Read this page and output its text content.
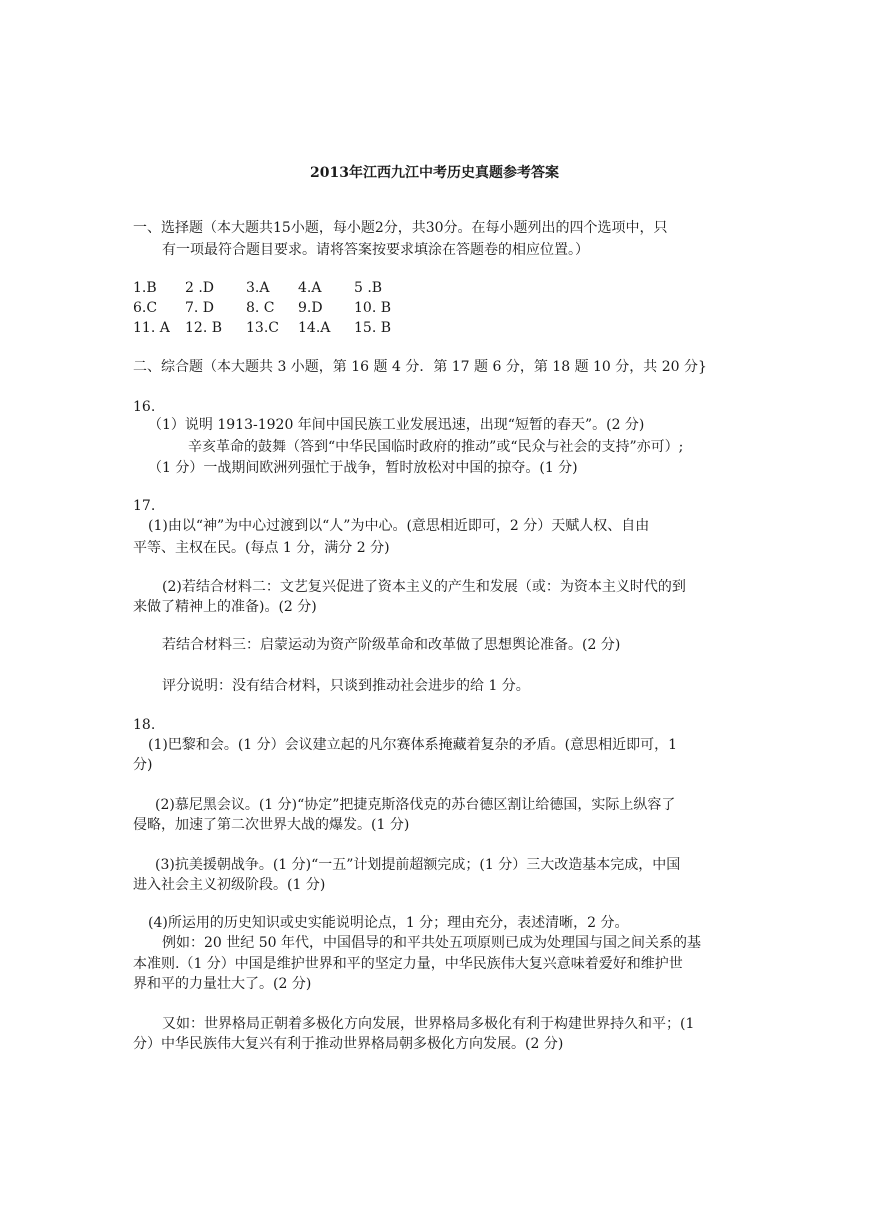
2013年江西九江中考历史真题参考答案
一、选择题（本大题共15小题，每小题2分，共30分。在每小题列出的四个选项中，只
有一项最符合题目要求。请将答案按要求填涂在答题卷的相应位置。）
1.B 2 .D 3.A 4.A 5 .B
6.C 7. D 8. C 9.D 10. B
11. A 12. B 13.C 14.A 15. B
二、综合题（本大题共 3 小题，第 16 题 4 分．第 17 题 6 分，第 18 题 10 分，共 20 分}
16.
（1）说明 1913-1920 年间中国民族工业发展迅速，出现“短暂的春天”。(2 分)
辛亥革命的鼓舞（答到“中华民国临时政府的推动”或“民众与社会的支持”亦可）;
（1 分）一战期间欧洲列强忙于战争，暂时放松对中国的掠夺。(1 分)
17.
(1)由以“神”为中心过渡到以“人”为中心。(意思相近即可，2 分）天赋人权、自由
平等、主权在民。(每点 1 分，满分 2 分)
(2)若结合材料二：文艺复兴促进了资本主义的产生和发展（或：为资本主义时代的到
来做了精神上的准备)。(2 分)
若结合材料三：启蒙运动为资产阶级革命和改革做了思想舆论准备。(2 分)
评分说明：没有结合材料，只谈到推动社会进步的给 1 分。
18.
(1)巴黎和会。(1 分）会议建立起的凡尔赛体系掩藏着复杂的矛盾。(意思相近即可，1
分)
(2)慕尼黑会议。(1 分)“协定”把捷克斯洛伐克的苏台德区割让给德国，实际上纵容了
侵略，加速了第二次世界大战的爆发。(1 分)
(3)抗美援朝战争。(1 分)“一五”计划提前超额完成；(1 分）三大改造基本完成，中国
进入社会主义初级阶段。(1 分)
(4)所运用的历史知识或史实能说明论点，1 分；理由充分，表述清晰，2 分。
例如：20 世纪 50 年代，中国倡导的和平共处五项原则已成为处理国与国之间关系的基
本准则.（1 分）中国是维护世界和平的坚定力量，中华民族伟大复兴意味着爱好和维护世
界和平的力量壮大了。(2 分)
又如：世界格局正朝着多极化方向发展，世界格局多极化有利于构建世界持久和平；(1
分）中华民族伟大复兴有利于推动世界格局朝多极化方向发展。(2 分)
